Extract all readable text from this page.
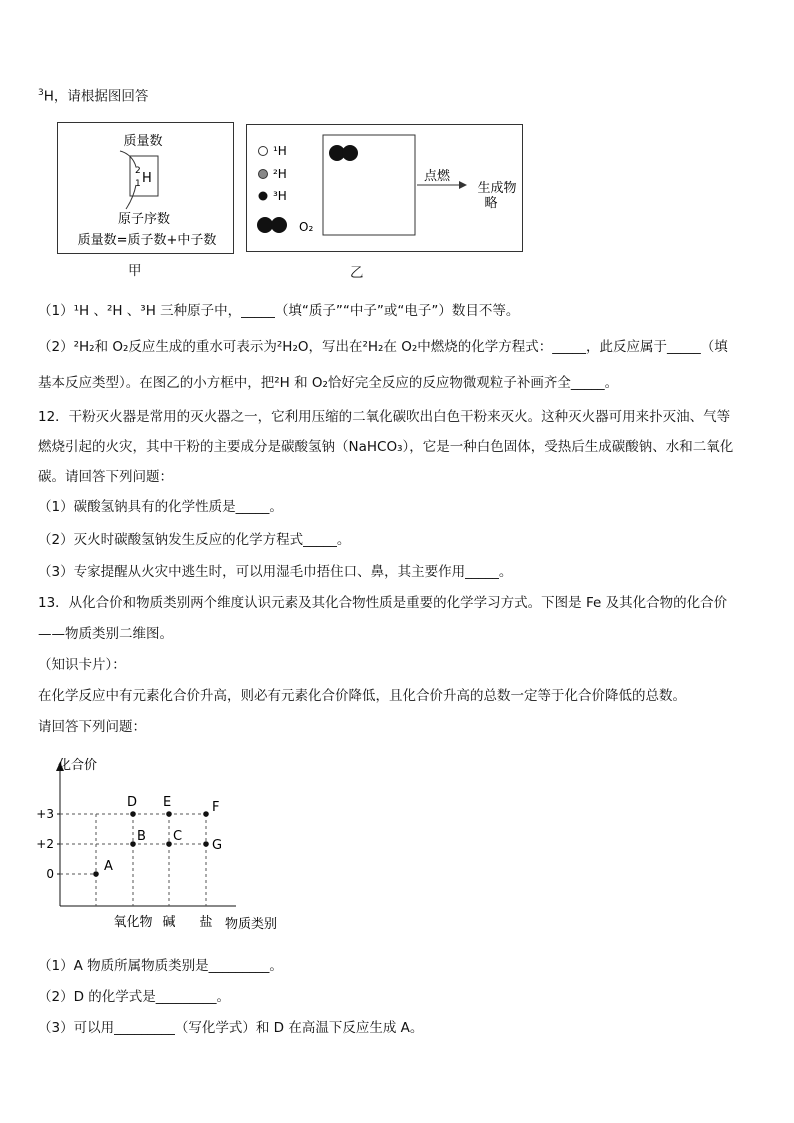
$^3$H，请根据图回答
质量数
2
1 H
原子序数
质量数=质子数+中子数
甲
¹H
²H
³H
O₂
点燃
生成物
略
乙
（1）¹H 、²H 、³H 三种原子中，_____（填“质子”“中子”或“电子”）数目不等。
（2）²H₂和 O₂反应生成的重水可表示为²H₂O，写出在²H₂在 O₂中燃烧的化学方程式：_____，此反应属于_____（填
基本反应类型）。在图乙的小方框中，把²H 和 O₂恰好完全反应的反应物微观粒子补画齐全_____。
12．干粉灭火器是常用的灭火器之一，它利用压缩的二氧化碳吹出白色干粉来灭火。这种灭火器可用来扑灭油、气等
燃烧引起的火灾，其中干粉的主要成分是碳酸氢钠（NaHCO₃），它是一种白色固体，受热后生成碳酸钠、水和二氧化
碳。请回答下列问题：
（1）碳酸氢钠具有的化学性质是_____。
（2）灭火时碳酸氢钠发生反应的化学方程式_____。
（3）专家提醒从火灾中逃生时，可以用湿毛巾捂住口、鼻，其主要作用_____。
13．从化合价和物质类别两个维度认识元素及其化合物性质是重要的化学学习方式。下图是 Fe 及其化合物的化合价
——物质类别二维图。
（知识卡片）：
在化学反应中有元素化合价升高，则必有元素化合价降低，且化合价升高的总数一定等于化合价降低的总数。
请回答下列问题：
化合价
物质类别
0
+2
+3
氧化物 碱 盐
A
B
D
C
E
G
F
（1）A 物质所属物质类别是_________。
（2）D 的化学式是_________。
（3）可以用_________（写化学式）和 D 在高温下反应生成 A。
